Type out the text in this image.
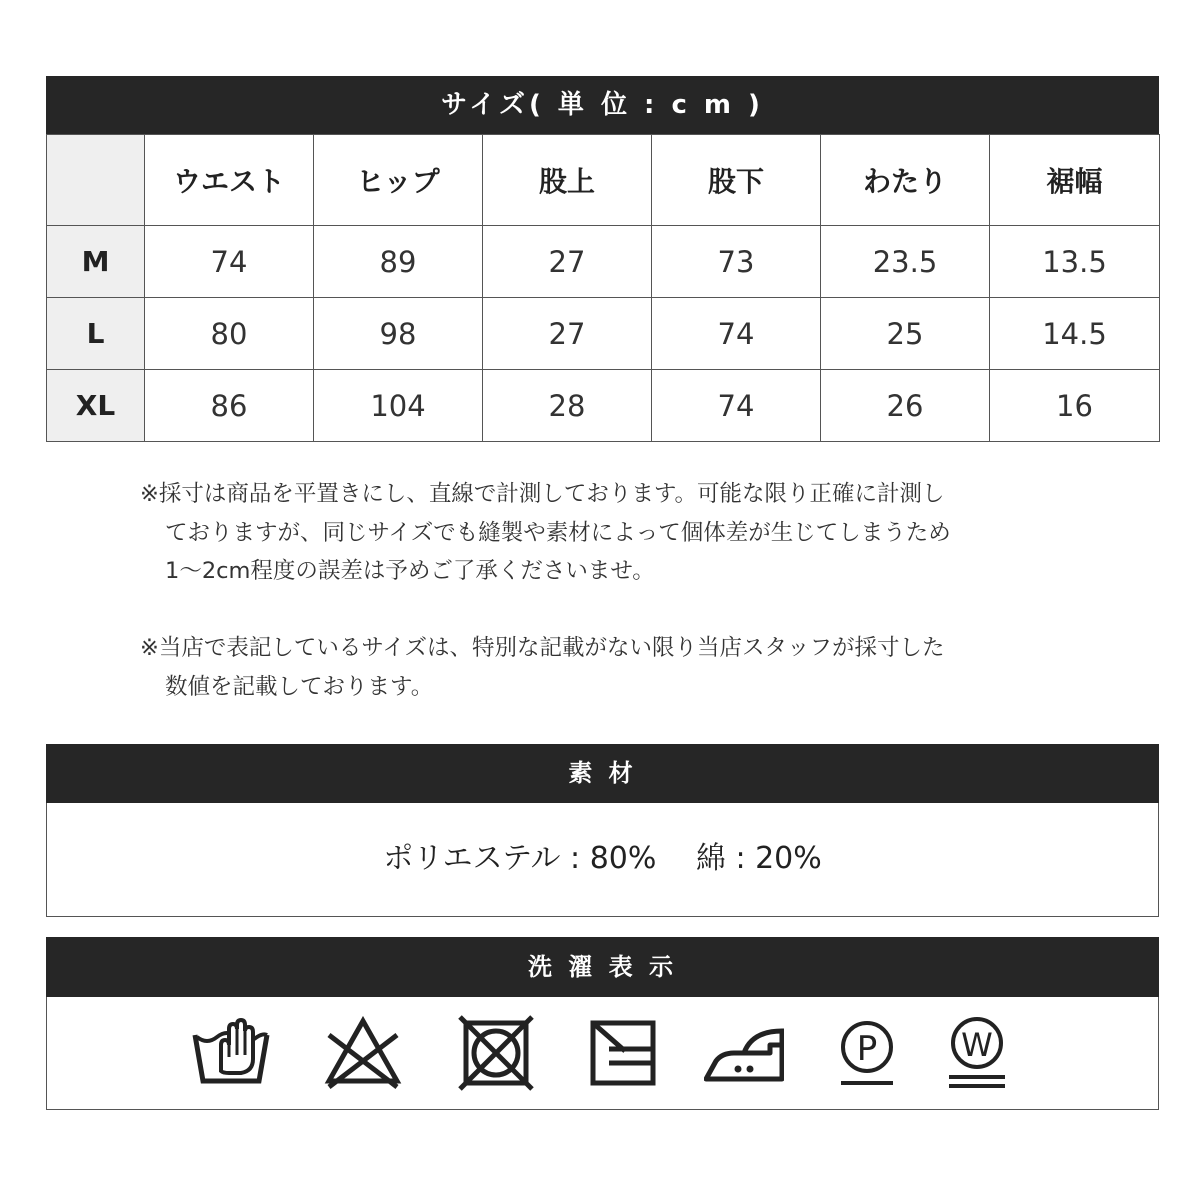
サイズ( 単 位 : c m )
	ウエスト	ヒップ	股上	股下	わたり	裾幅
M	74	89	27	73	23.5	13.5
L	80	98	27	74	25	14.5
XL	86	104	28	74	26	16

※採寸は商品を平置きにし、直線で計測しております。可能な限り正確に計測し

ておりますが、同じサイズでも縫製や素材によって個体差が生じてしまうため

1～2cm程度の誤差は予めご了承くださいませ。

※当店で表記しているサイズは、特別な記載がない限り当店スタッフが採寸した

数値を記載しております。

素 材
ポリエステル : 80%　 綿 : 20%
洗 濯 表 示
P	W
